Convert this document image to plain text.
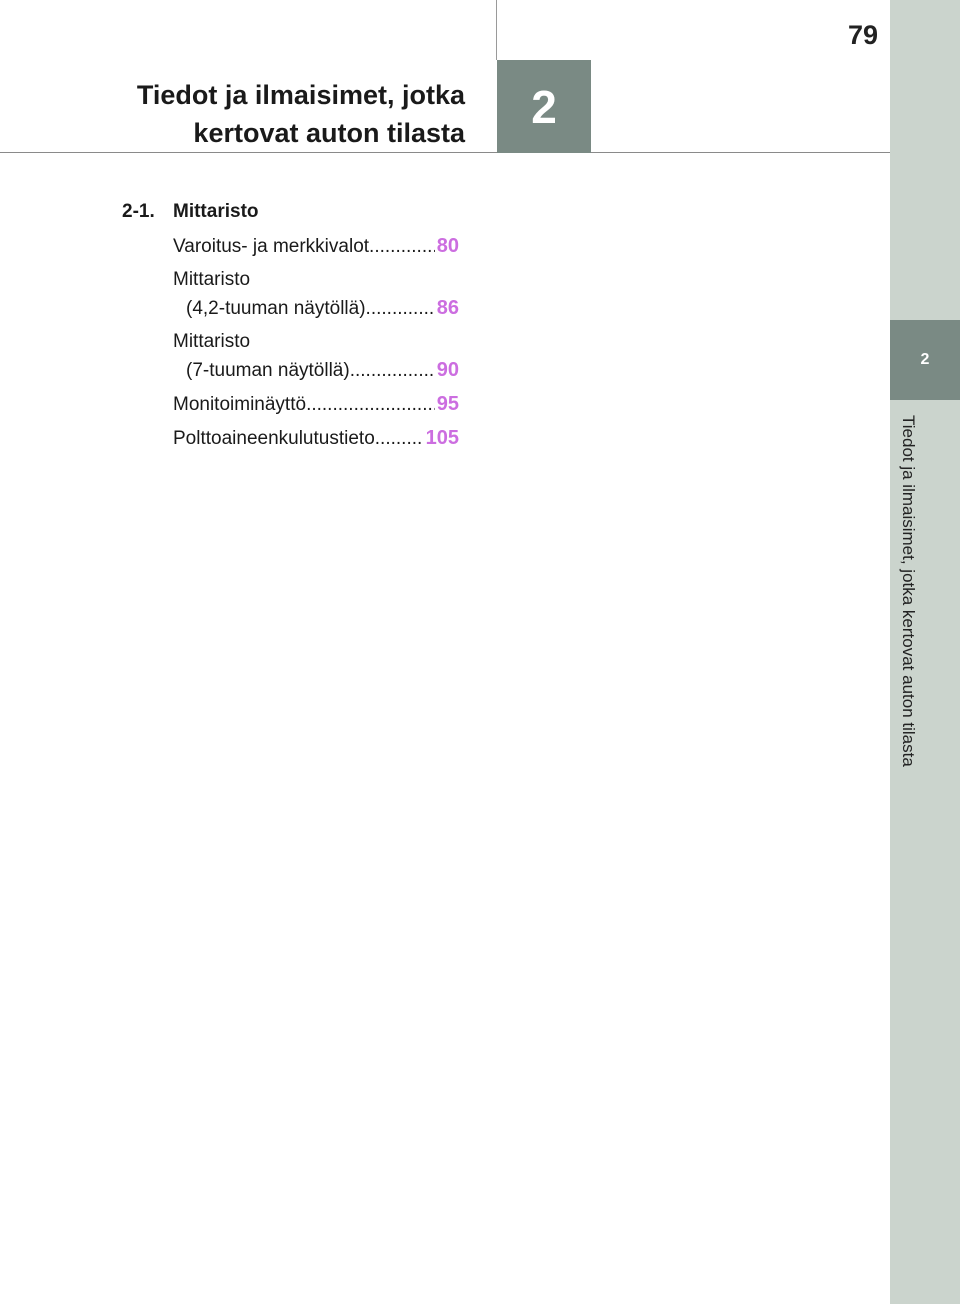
79
Tiedot ja ilmaisimet, jotka
kertovat auton tilasta
2
2
Tiedot ja ilmaisimet, jotka kertovat auton tilasta
2-1. Mittaristo
Varoitus- ja merkkivalot .....	80
Mittaristo
(4,2-tuuman näytöllä) .....	86
Mittaristo
(7-tuuman näytöllä) .....	90
Monitoiminäyttö .....	95
Polttoaineenkulutustieto .....	105
